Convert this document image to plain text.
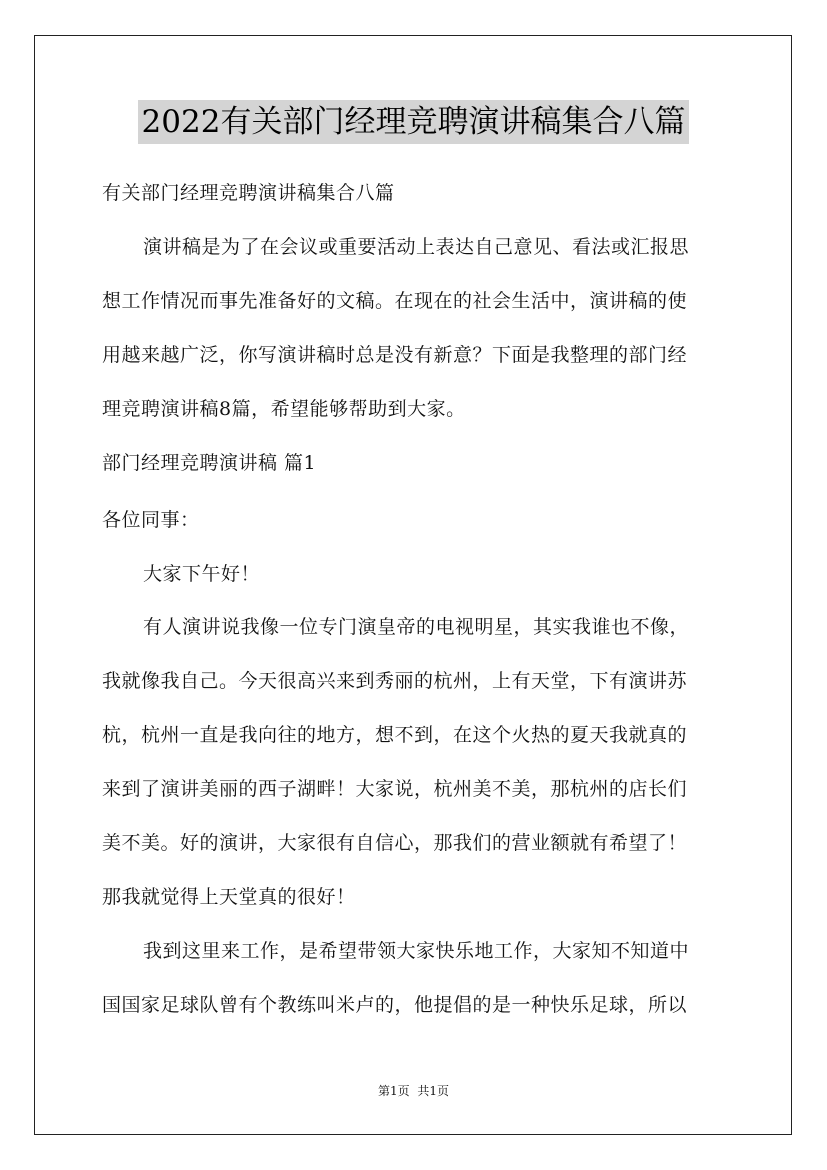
2022有关部门经理竞聘演讲稿集合八篇
有关部门经理竞聘演讲稿集合八篇
演讲稿是为了在会议或重要活动上表达自己意见、看法或汇报思
想工作情况而事先准备好的文稿。在现在的社会生活中，演讲稿的使
用越来越广泛，你写演讲稿时总是没有新意？下面是我整理的部门经
理竞聘演讲稿8篇，希望能够帮助到大家。
部门经理竞聘演讲稿 篇1
各位同事：
大家下午好！
有人演讲说我像一位专门演皇帝的电视明星，其实我谁也不像，
我就像我自己。今天很高兴来到秀丽的杭州，上有天堂，下有演讲苏
杭，杭州一直是我向往的地方，想不到，在这个火热的夏天我就真的
来到了演讲美丽的西子湖畔！大家说，杭州美不美，那杭州的店长们
美不美。好的演讲，大家很有自信心，那我们的营业额就有希望了！
那我就觉得上天堂真的很好！
我到这里来工作，是希望带领大家快乐地工作，大家知不知道中
国国家足球队曾有个教练叫米卢的，他提倡的是一种快乐足球，所以
第1页 共1页
